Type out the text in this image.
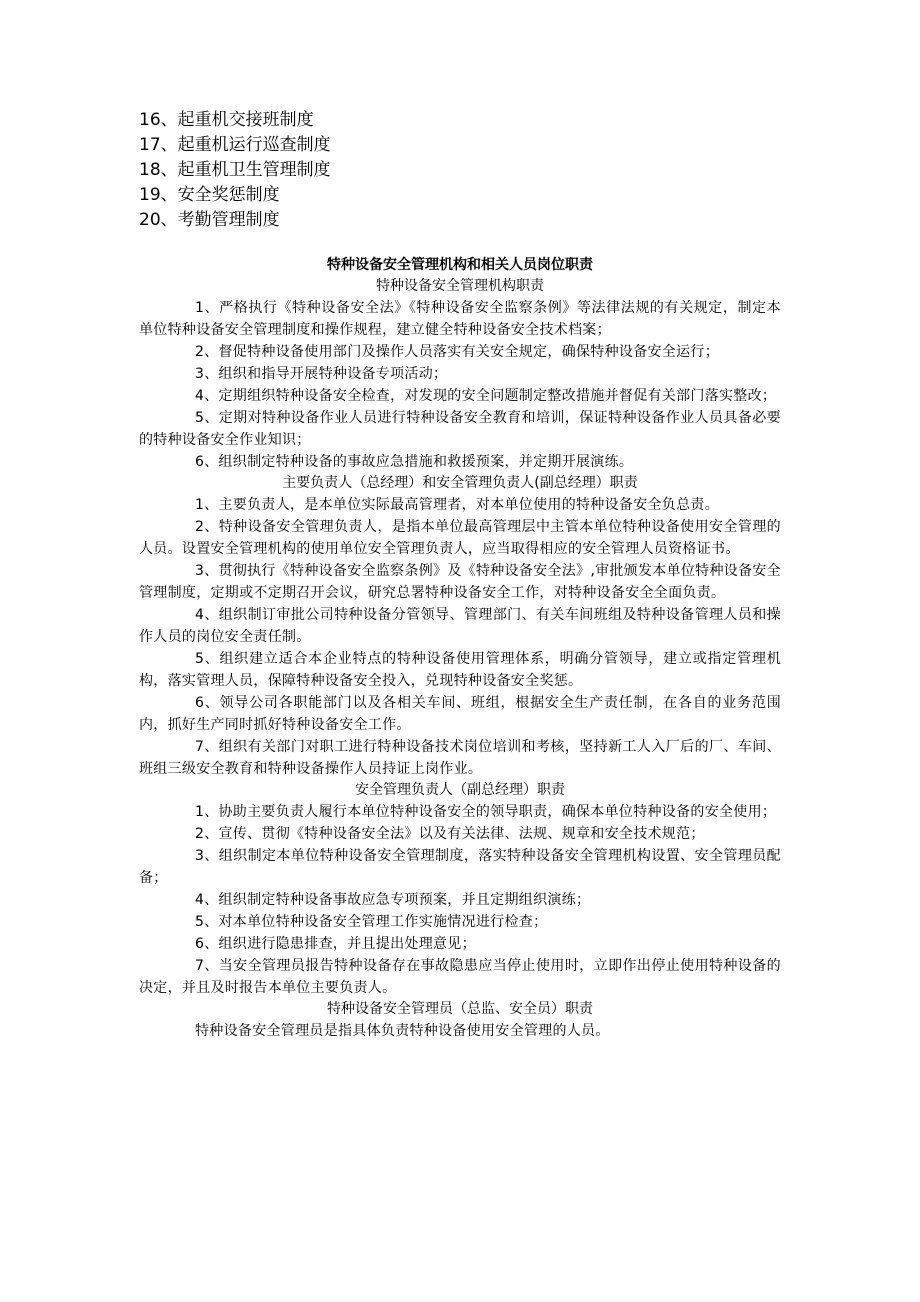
16、起重机交接班制度
17、起重机运行巡查制度
18、起重机卫生管理制度
19、安全奖惩制度
20、考勤管理制度
特种设备安全管理机构和相关人员岗位职责
特种设备安全管理机构职责

1、严格执行《特种设备安全法》《特种设备安全监察条例》等法律法规的有关规定，制定本单位特种设备安全管理制度和操作规程，建立健全特种设备安全技术档案；

2、督促特种设备使用部门及操作人员落实有关安全规定，确保特种设备安全运行；

3、组织和指导开展特种设备专项活动；

4、定期组织特种设备安全检查，对发现的安全问题制定整改措施并督促有关部门落实整改；

5、定期对特种设备作业人员进行特种设备安全教育和培训，保证特种设备作业人员具备必要的特种设备安全作业知识；

6、组织制定特种设备的事故应急措施和救援预案，并定期开展演练。

主要负责人（总经理）和安全管理负责人(副总经理）职责

1、主要负责人，是本单位实际最高管理者，对本单位使用的特种设备安全负总责。

2、特种设备安全管理负责人，是指本单位最高管理层中主管本单位特种设备使用安全管理的人员。设置安全管理机构的使用单位安全管理负责人，应当取得相应的安全管理人员资格证书。

3、贯彻执行《特种设备安全监察条例》及《特种设备安全法》,审批颁发本单位特种设备安全管理制度，定期或不定期召开会议，研究总署特种设备安全工作，对特种设备安全全面负责。

4、组织制订审批公司特种设备分管领导、管理部门、有关车间班组及特种设备管理人员和操作人员的岗位安全责任制。

5、组织建立适合本企业特点的特种设备使用管理体系，明确分管领导，建立或指定管理机构，落实管理人员，保障特种设备安全投入，兑现特种设备安全奖惩。

6、领导公司各职能部门以及各相关车间、班组，根据安全生产责任制，在各自的业务范围内，抓好生产同时抓好特种设备安全工作。

7、组织有关部门对职工进行特种设备技术岗位培训和考核，坚持新工人入厂后的厂、车间、班组三级安全教育和特种设备操作人员持证上岗作业。

安全管理负责人（副总经理）职责

1、协助主要负责人履行本单位特种设备安全的领导职责，确保本单位特种设备的安全使用；

2、宣传、贯彻《特种设备安全法》以及有关法律、法规、规章和安全技术规范；

3、组织制定本单位特种设备安全管理制度，落实特种设备安全管理机构设置、安全管理员配备；

4、组织制定特种设备事故应急专项预案，并且定期组织演练；

5、对本单位特种设备安全管理工作实施情况进行检查；

6、组织进行隐患排查，并且提出处理意见；

7、当安全管理员报告特种设备存在事故隐患应当停止使用时，立即作出停止使用特种设备的决定，并且及时报告本单位主要负责人。

特种设备安全管理员（总监、安全员）职责

特种设备安全管理员是指具体负责特种设备使用安全管理的人员。
